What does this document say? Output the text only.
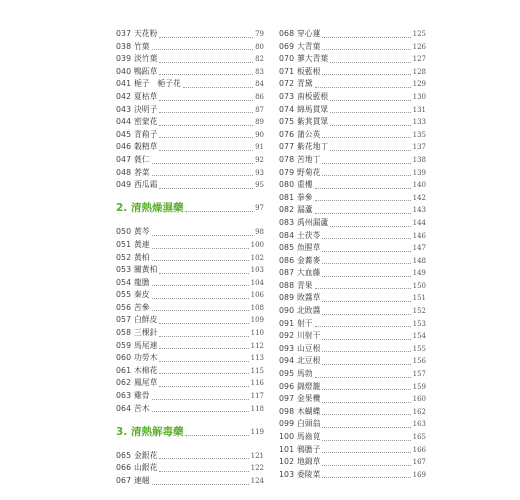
037 天花粉	79
038 竹葉	80
039 淡竹葉	82
040 鴨跖草	83
041 梔子　梔子花	84
042 夏枯草	86
043 決明子	87
044 密蒙花	89
045 青葙子	90
046 穀精草	91
047 蕤仁	92
048 莕菜	93
049 西瓜霜	95
2. 清熱燥濕藥	97
050 黃芩	98
051 黃連	100
052 黃柏	102
053 關黃柏	103
054 龍膽	104
055 秦皮	106
056 苦參	108
057 白鮮皮	109
058 三棵針	110
059 馬尾連	112
060 功勞木	113
061 木棉花	115
062 鳳尾草	116
063 雞骨	117
064 苦木	118
3. 清熱解毒藥	119
065 金銀花	121
066 山銀花	122
067 連翹	124
068 穿心蓮	125
069 大青葉	126
070 蓼大青葉	127
071 板藍根	128
072 青黛	129
073 南板藍根	130
074 綿馬貫眾	131
075 紫萁貫眾	133
076 蒲公英	135
077 紫花地丁	137
078 苦地丁	138
079 野菊花	139
080 重樓	140
081 拳參	142
082 漏蘆	143
083 禹州漏蘆	144
084 土茯苓	146
085 魚腥草	147
086 金蕎麥	148
087 大血藤	149
088 青果	150
089 敗醬草	151
090 北敗醬	152
091 射干	153
092 川射干	154
093 山豆根	155
094 北豆根	156
095 馬勃	157
096 錦燈籠	159
097 金果欖	160
098 木蝴蝶	162
099 白頭翁	163
100 馬齒莧	165
101 鴉膽子	166
102 地錦草	167
103 委陵菜	169
